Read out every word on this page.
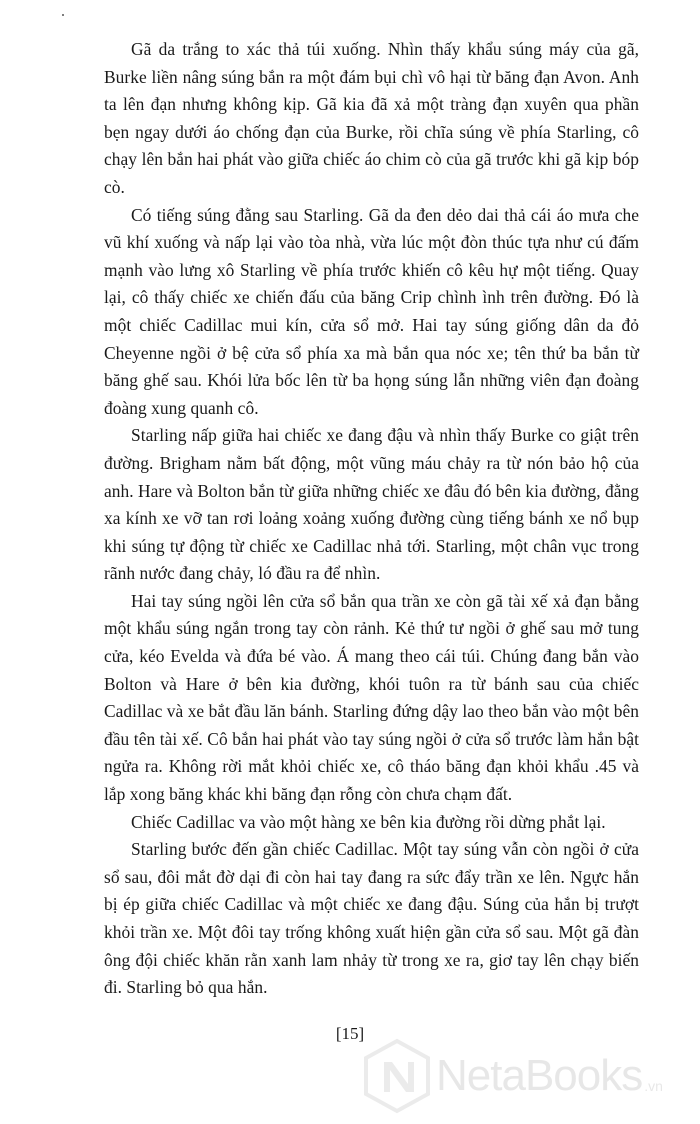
Gã da trắng to xác thả túi xuống. Nhìn thấy khẩu súng máy của gã, Burke liền nâng súng bắn ra một đám bụi chì vô hại từ băng đạn Avon. Anh ta lên đạn nhưng không kịp. Gã kia đã xả một tràng đạn xuyên qua phần bẹn ngay dưới áo chống đạn của Burke, rồi chĩa súng về phía Starling, cô chạy lên bắn hai phát vào giữa chiếc áo chim cò của gã trước khi gã kịp bóp cò.

Có tiếng súng đằng sau Starling. Gã da đen dẻo dai thả cái áo mưa che vũ khí xuống và nấp lại vào tòa nhà, vừa lúc một đòn thúc tựa như cú đấm mạnh vào lưng xô Starling về phía trước khiến cô kêu hự một tiếng. Quay lại, cô thấy chiếc xe chiến đấu của băng Crip chình ình trên đường. Đó là một chiếc Cadillac mui kín, cửa sổ mở. Hai tay súng giống dân da đỏ Cheyenne ngồi ở bệ cửa sổ phía xa mà bắn qua nóc xe; tên thứ ba bắn từ băng ghế sau. Khói lửa bốc lên từ ba họng súng lẫn những viên đạn đoàng đoàng xung quanh cô.

Starling nấp giữa hai chiếc xe đang đậu và nhìn thấy Burke co giật trên đường. Brigham nằm bất động, một vũng máu chảy ra từ nón bảo hộ của anh. Hare và Bolton bắn từ giữa những chiếc xe đâu đó bên kia đường, đằng xa kính xe vỡ tan rơi loảng xoảng xuống đường cùng tiếng bánh xe nổ bụp khi súng tự động từ chiếc xe Cadillac nhả tới. Starling, một chân vục trong rãnh nước đang chảy, ló đầu ra để nhìn.

Hai tay súng ngồi lên cửa sổ bắn qua trần xe còn gã tài xế xả đạn bằng một khẩu súng ngắn trong tay còn rảnh. Kẻ thứ tư ngồi ở ghế sau mở tung cửa, kéo Evelda và đứa bé vào. Á mang theo cái túi. Chúng đang bắn vào Bolton và Hare ở bên kia đường, khói tuôn ra từ bánh sau của chiếc Cadillac và xe bắt đầu lăn bánh. Starling đứng dậy lao theo bắn vào một bên đầu tên tài xế. Cô bắn hai phát vào tay súng ngồi ở cửa sổ trước làm hắn bật ngửa ra. Không rời mắt khỏi chiếc xe, cô tháo băng đạn khỏi khẩu .45 và lắp xong băng khác khi băng đạn rỗng còn chưa chạm đất.

Chiếc Cadillac va vào một hàng xe bên kia đường rồi dừng phắt lại.

Starling bước đến gần chiếc Cadillac. Một tay súng vẫn còn ngồi ở cửa sổ sau, đôi mắt đờ dại đi còn hai tay đang ra sức đẩy trần xe lên. Ngực hắn bị ép giữa chiếc Cadillac và một chiếc xe đang đậu. Súng của hắn bị trượt khỏi trần xe. Một đôi tay trống không xuất hiện gần cửa sổ sau. Một gã đàn ông đội chiếc khăn rằn xanh lam nhảy từ trong xe ra, giơ tay lên chạy biến đi. Starling bỏ qua hắn.

[15]
NetaBooks .vn
